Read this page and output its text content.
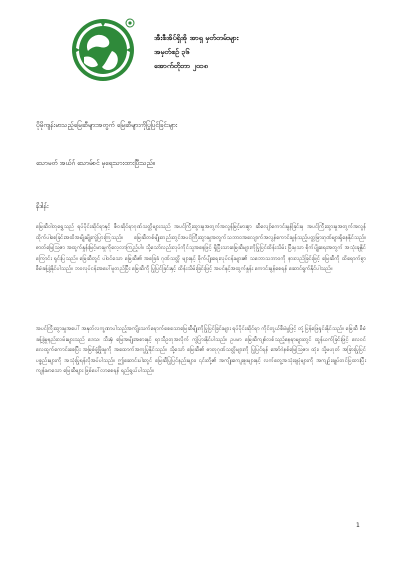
အီးစီအိပ်ရှိအို အာရှ မှတ်တမ်းများ
အမှတ်စဉ် ၃၆
အောက်တိုဘာ ၂၀၁၈
ပိုမိုကျန်းမာသည့်မြေဆီများအတွက် မြေဆီများကိုပြုပြင်ခြင်းများ
သောမတ် အယ်ဂ် သောမ်စင် မှရေးသားထားပြီးသည်။
နိဒါန်း
မြေဆီဝါတုရွှေသည် ရုပ်ပိုင်းဆိုင်ရာနှင့် ဇီဝဆိုင်ရာဂုဏ်သတ္တိများသည် အပင်ကြီးထွားမှုအတွက်အလွန်မြင့်မားစွာ ဆီလျော်ကောင်းမွန်ခြင်းမှ အပင်ကြီးထွားမှုအတွက်အလွန်ထိုက်ပါစေခြင်းအထိအမျိုးမျိုးကွဲပြားကြသည်။ မြေဆီတစ်မျိုးတည်းတွင်အပင်ကြီးထွားမှုအတွက်သဘာဝအလျောက်အလွန်ကောင်းမွန်သည့်ပတ္တမြားဂုဏ်များရှိနေနိုင်သည်။ ဓာတ်မြေဩဇာ အထွက်နှုန်းမြင့်မားမှုကိုလေ့လာကြည့်ပါ။ သို့သော်လည်းလုပ်ကိုင်သူအနေဖြင့် ရှိပြီးသားမြေဆီများကိုပြုပြင်ထိန်းသိမ်း ပြီးမှသာ စိုက်ပျိုးရေးအတွက် အသုံးချနိုင်ကြောင်း ရှင်းပြသည်။ မြေဆီတွင် ပါဝင်သော မြေဆီ၏ အခြေခံ ဂုဏ်သတ္တိ များနှင့် စိုက်ပျိုးရေးလုပ်ငန်းများ၏ သဘောသဘာဝကို နားလည်ခြင်းဖြင့် မြေဆီကို ထိရောက်စွာ စီမံခန့်ခွဲနိုင်ပါသည်။ ဘဝလုပ်ငန်းအပေါ်မူတည်ပြီး မြေဆီကို ပြုပြင်ခြင်းနှင့် ထိန်းသိမ်းခြင်းဖြင့် အပင်နှင့်အထွက်နှုန်း ကောင်းမွန်စေရန် ဆောင်ရွက်နိုင်ပါသည်။
အပင်ကြီးထွားမှုအပေါ် အနုတ်လက္ခဏာပါသည့်အကျိုးသက်ရောက်စေသောမြေဆီမျိုးကိုပြုပြင်ခြင်းများ ရုပ်ပိုင်းဆိုင်ရာ ကိုင်တွယ်စီမံမှုဖြင့် တုံ့ပြန်ဖြေရှင်းနိုင်သည်။ မြေဆီ စီမံခန့်ခွဲမှုနည်းလမ်းများသည် ဒေသ၊ သီးနှံ၊ မြေအမျိုးအစားနှင့် ရာသီဥတုအလိုက် ကွဲပြားနိုင်ပါသည်။ ဥပမာ မြေဆီကျစ်လစ်သည့်နေရာများတွင် ထွန်ယက်ခြင်းဖြင့် လေဝင်လေထွက်ကောင်းစေပြီး အမြစ်ဖွံ့ဖြိုးမှုကို အထောက်အကူပြုနိုင်သည်။ သို့သော် မြေဆီ၏ ဓာတုဂုဏ်သတ္တိများကို ပြုပြင်ရန် အော်ဂဲနစ်မြေဩဇာ၊ ထုံး၊ သို့မဟုတ် အခြားပြုပြင်ပစ္စည်းများကို အသုံးပြုရန်လိုအပ်ပါသည်။ ဤဆောင်းပါးတွင် မြေဆီပြုပြင်နည်းများ၊ ၎င်းတို့၏ အကျိုးကျေးဇူးများနှင့် လက်တွေ့အသုံးချပုံများကို အကျဉ်းချုပ်တင်ပြထားပြီး ကျန်းမာသော မြေဆီများ ဖြစ်ပေါ်လာစေရန် ရည်ရွယ်ပါသည်။
1
